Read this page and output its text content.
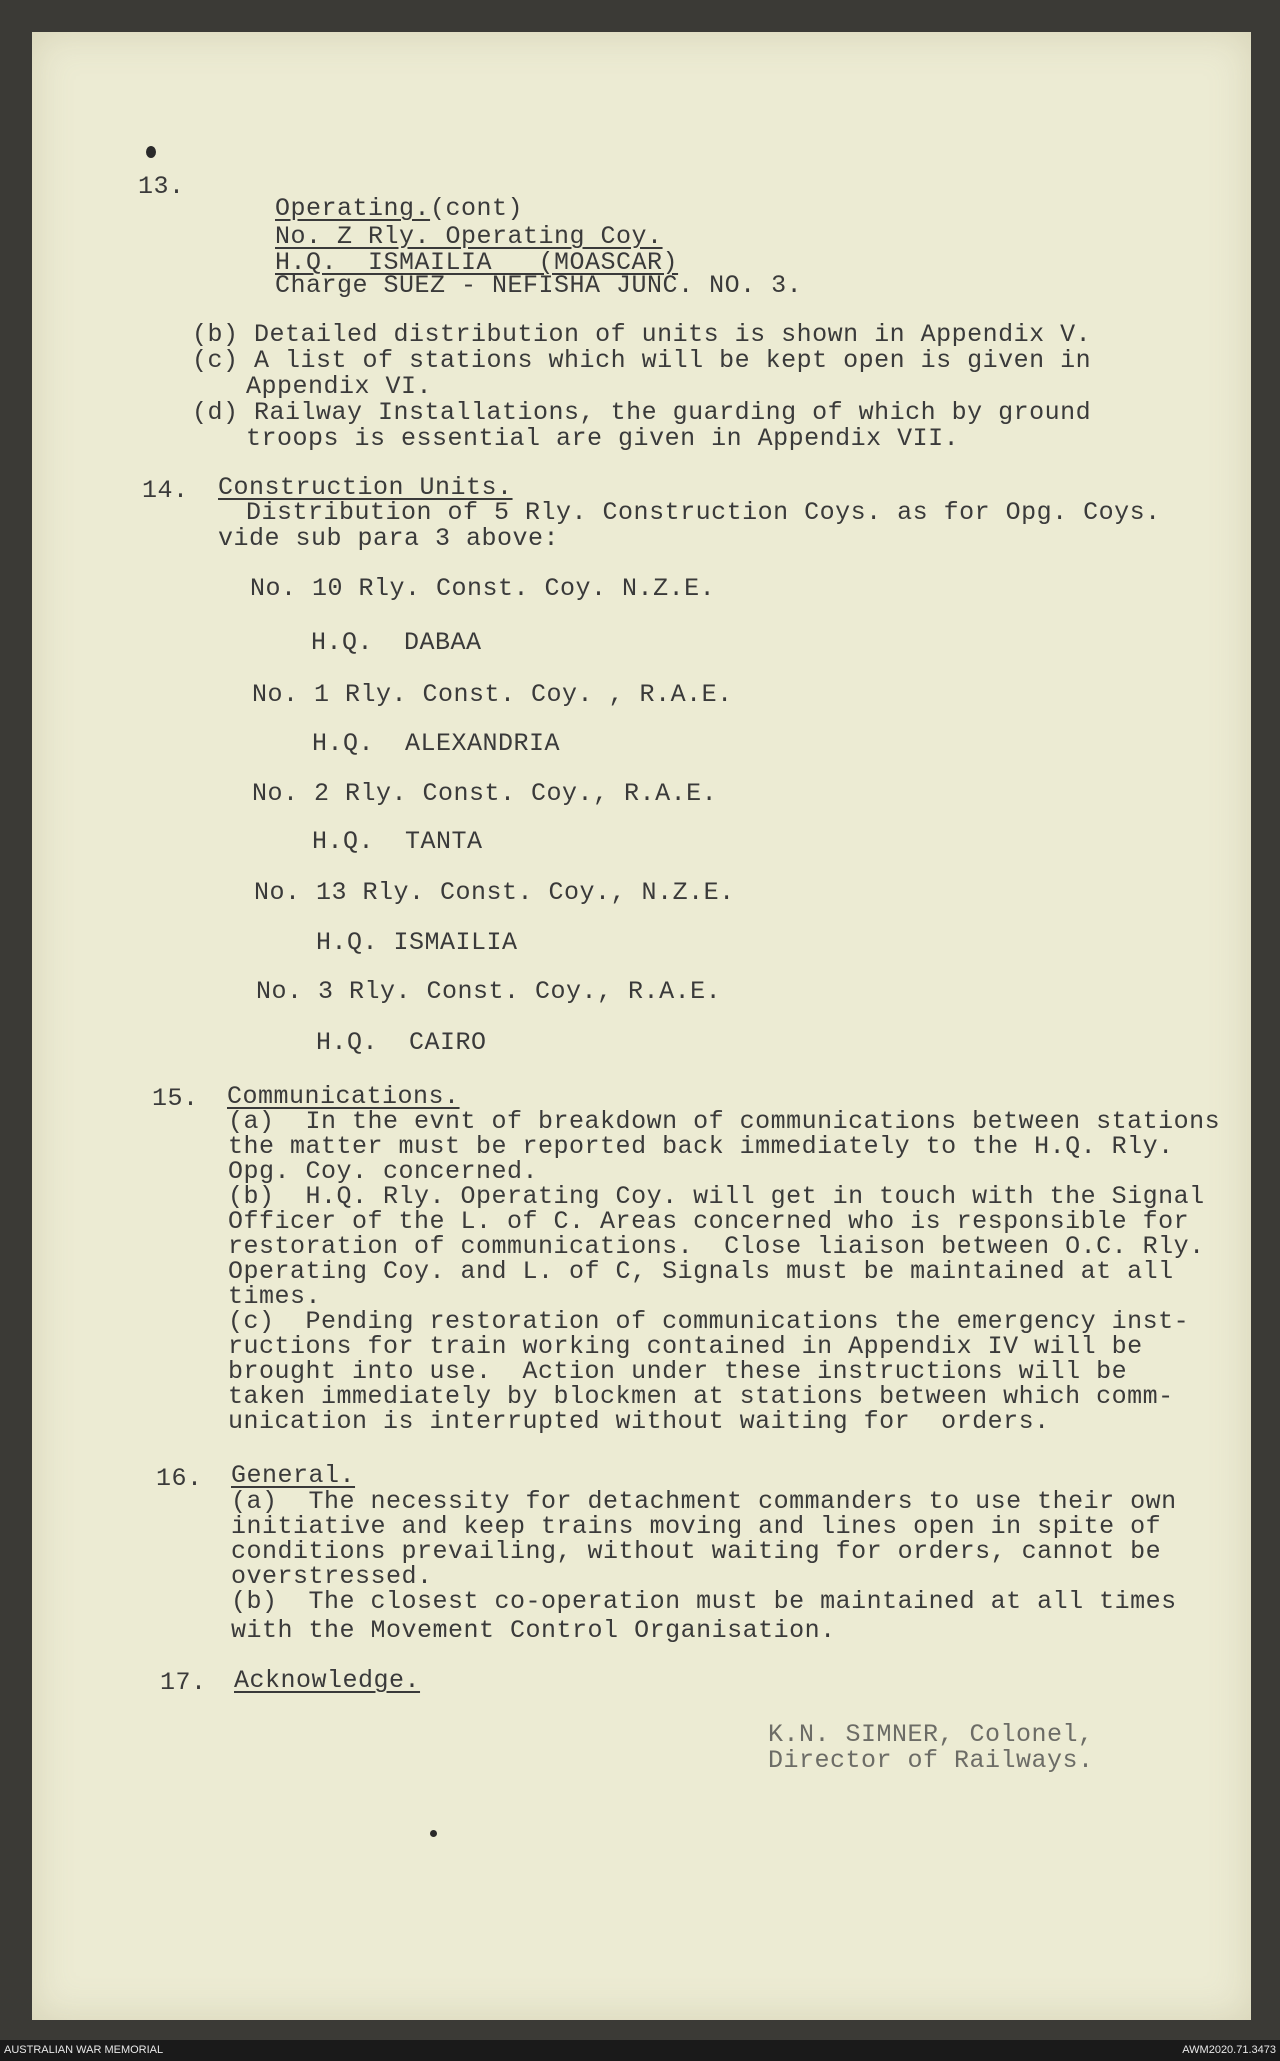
13.

Operating.(cont)

No. Z Rly. Operating Coy.
H.Q.  ISMAILIA   (MOASCAR)
Charge SUEZ - NEFISHA JUNC. NO. 3.
(b) Detailed distribution of units is shown in Appendix V.
(c) A list of stations which will be kept open is given in
Appendix VI.
(d) Railway Installations, the guarding of which by ground
troops is essential are given in Appendix VII.
14. Construction Units.
Distribution of 5 Rly. Construction Coys. as for Opg. Coys.
vide sub para 3 above:
No. 10 Rly. Const. Coy. N.Z.E.
H.Q.  DABAA
No. 1 Rly. Const. Coy. , R.A.E.
H.Q.  ALEXANDRIA
No. 2 Rly. Const. Coy., R.A.E.
H.Q.  TANTA
No. 13 Rly. Const. Coy., N.Z.E.
H.Q. ISMAILIA
No. 3 Rly. Const. Coy., R.A.E.
H.Q.  CAIRO
15. Communications.
(a)  In the evnt of breakdown of communications between stations
the matter must be reported back immediately to the H.Q. Rly.
Opg. Coy. concerned.
(b)  H.Q. Rly. Operating Coy. will get in touch with the Signal
Officer of the L. of C. Areas concerned who is responsible for
restoration of communications.  Close liaison between O.C. Rly.
Operating Coy. and L. of C, Signals must be maintained at all
times.
(c)  Pending restoration of communications the emergency inst-
ructions for train working contained in Appendix IV will be
brought into use.  Action under these instructions will be
taken immediately by blockmen at stations between which comm-
unication is interrupted without waiting for  orders.
16. General.
(a)  The necessity for detachment commanders to use their own
initiative and keep trains moving and lines open in spite of
conditions prevailing, without waiting for orders, cannot be
overstressed.
(b)  The closest co-operation must be maintained at all times
with the Movement Control Organisation.
17. Acknowledge.
K.N. SIMNER, Colonel,
Director of Railways.
AUSTRALIAN WAR MEMORIAL	AWM2020.71.3473
